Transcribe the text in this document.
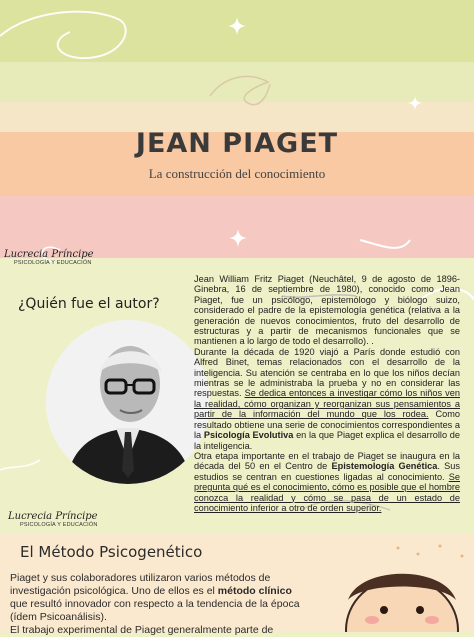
JEAN PIAGET
La construcción del conocimiento
Lucrecia Príncipe
PSICOLOGÍA Y EDUCACIÓN
¿Quién fue el autor?
Lucrecia Príncipe
PSICOLOGÍA Y EDUCACIÓN

Jean William Fritz Piaget (Neuchâtel, 9 de agosto de 1896-Ginebra, 16 de septiembre de 1980), conocido como Jean Piaget, fue un psicólogo, epistemólogo y biólogo suizo, considerado el padre de la epistemología genética (relativa a la generación de nuevos conocimientos, fruto del desarrollo de estructuras y a partir de mecanismos funcionales que se mantienen a lo largo de todo el desarrollo). .

Durante la década de 1920 viajó a París donde estudió con Alfred Binet, temas relacionados con el desarrollo de la inteligencia. Su atención se centraba en lo que los niños decían mientras se le administraba la prueba y no en considerar las respuestas. Se dedica entonces a investigar cómo los niños ven la realidad, cómo organizan y reorganizan sus pensamientos a partir de la información del mundo que los rodea. Como resultado obtiene una serie de conocimientos correspondientes a la Psicología Evolutiva en la que Piaget explica el desarrollo de la inteligencia.

Otra etapa importante en el trabajo de Piaget se inaugura en la década del 50 en el Centro de Epistemología Genética. Sus estudios se centran en cuestiones ligadas al conocimiento. Se pregunta qué es el conocimiento, cómo es posible que el hombre conozca la realidad y cómo se pasa de un estado de conocimiento inferior a otro de orden superior.

El Método Psicogenético

Piaget y sus colaboradores utilizaron varios métodos de investigación psicológica. Uno de ellos es el método clínico que resultó innovador con respecto a la tendencia de la época (ídem Psicoanálisis).

El trabajo experimental de Piaget generalmente parte de
